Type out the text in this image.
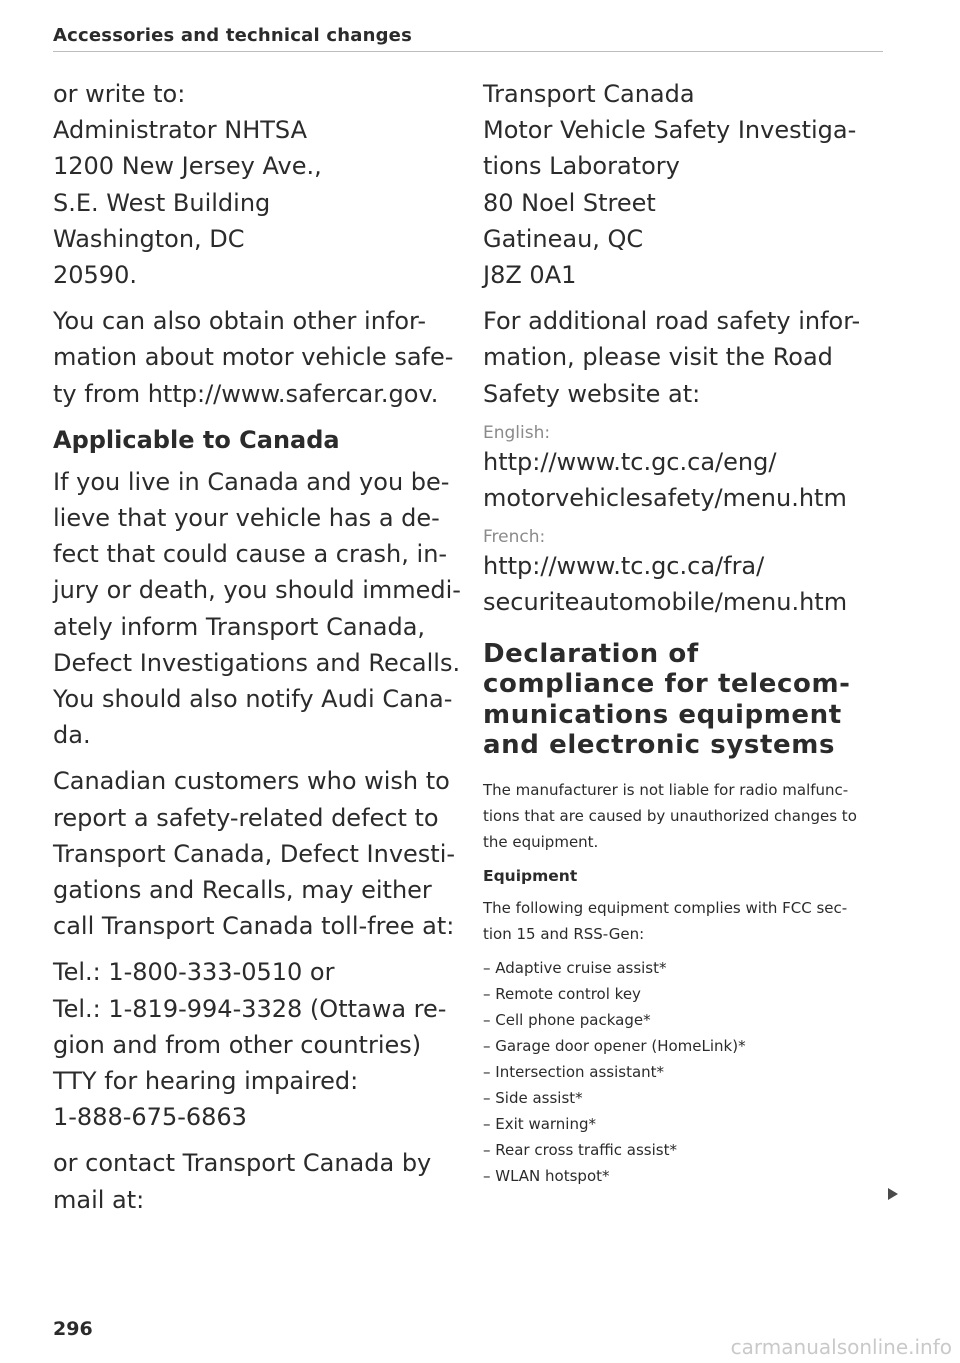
Accessories and technical changes
or write to:
Administrator NHTSA
1200 New Jersey Ave.,
S.E. West Building
Washington, DC
20590.
You can also obtain other infor-
mation about motor vehicle safe-
ty from http://www.safercar.gov.
Applicable to Canada
If you live in Canada and you be-
lieve that your vehicle has a de-
fect that could cause a crash, in-
jury or death, you should immedi-
ately inform Transport Canada,
Defect Investigations and Recalls.
You should also notify Audi Cana-
da.
Canadian customers who wish to
report a safety-related defect to
Transport Canada, Defect Investi-
gations and Recalls, may either
call Transport Canada toll-free at:
Tel.: 1-800-333-0510 or
Tel.: 1-819-994-3328 (Ottawa re-
gion and from other countries)
TTY for hearing impaired:
1-888-675-6863
or contact Transport Canada by
mail at:
Transport Canada
Motor Vehicle Safety Investiga-
tions Laboratory
80 Noel Street
Gatineau, QC
J8Z 0A1
For additional road safety infor-
mation, please visit the Road
Safety website at:
English:
http://www.tc.gc.ca/eng/
motorvehiclesafety/menu.htm
French:
http://www.tc.gc.ca/fra/
securiteautomobile/menu.htm
Declaration of
compliance for telecom-
munications equipment
and electronic systems
The manufacturer is not liable for radio malfunc-
tions that are caused by unauthorized changes to
the equipment.
Equipment
The following equipment complies with FCC sec-
tion 15 and RSS-Gen:
– Adaptive cruise assist*
– Remote control key
– Cell phone package*
– Garage door opener (HomeLink)*
– Intersection assistant*
– Side assist*
– Exit warning*
– Rear cross traffic assist*
– WLAN hotspot*
296
carmanualsonline.info
